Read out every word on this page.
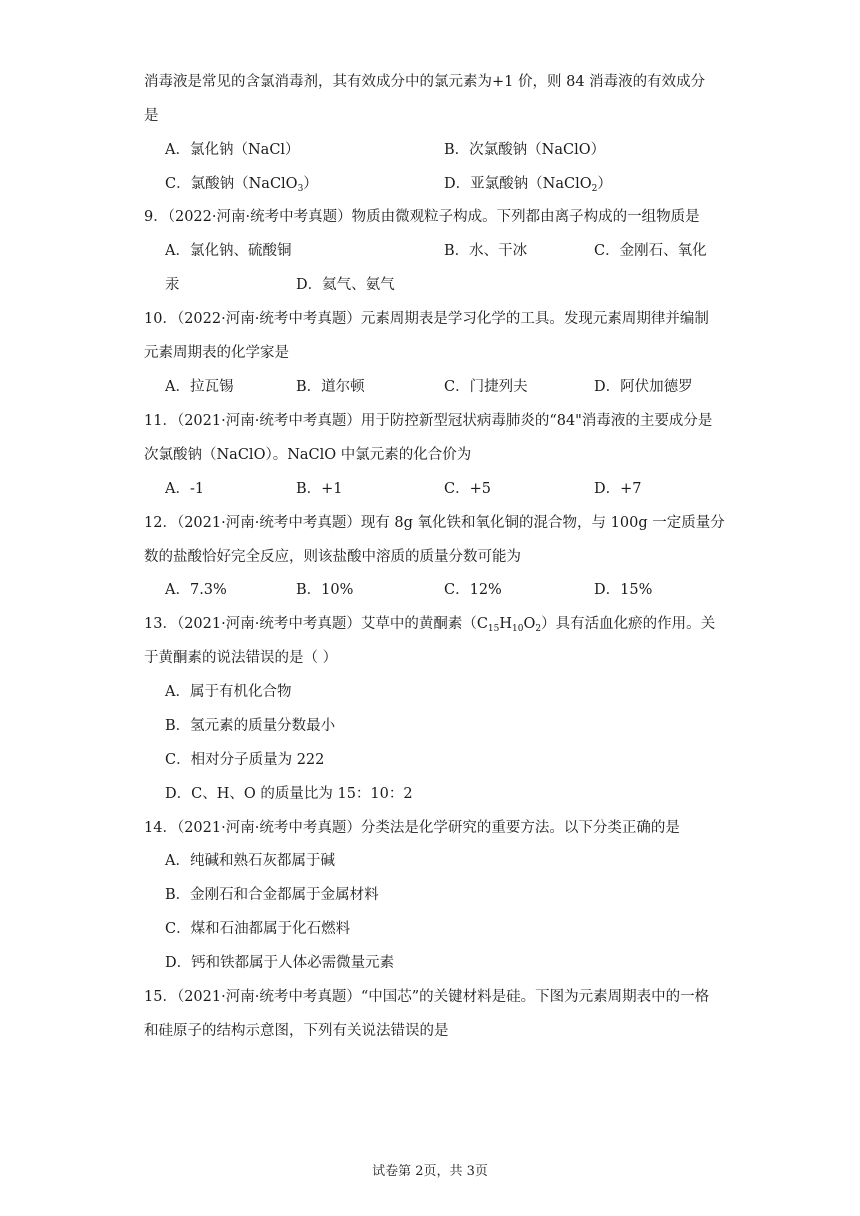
消毒液是常见的含氯消毒剂，其有效成分中的氯元素为+1 价，则 84 消毒液的有效成分
是
A．氯化钠（NaCl）	B．次氯酸钠（NaClO）
C．氯酸钠（NaClO$_3$）	D．亚氯酸钠（NaClO$_2$）
9．（2022·河南·统考中考真题）物质由微观粒子构成。下列都由离子构成的一组物质是
A．氯化钠、硫酸铜	B．水、干冰	C．金刚石、氧化
汞	D．氦气、氨气
10．（2022·河南·统考中考真题）元素周期表是学习化学的工具。发现元素周期律并编制
元素周期表的化学家是
A．拉瓦锡	B．道尔顿	C．门捷列夫	D．阿伏加德罗
11．（2021·河南·统考中考真题）用于防控新型冠状病毒肺炎的“84"消毒液的主要成分是
次氯酸钠（NaClO）。NaClO 中氯元素的化合价为
A．-1	B．+1	C．+5	D．+7
12．（2021·河南·统考中考真题）现有 8g 氧化铁和氧化铜的混合物，与 100g 一定质量分
数的盐酸恰好完全反应，则该盐酸中溶质的质量分数可能为
A．7.3%	B．10%	C．12%	D．15%
13．（2021·河南·统考中考真题）艾草中的黄酮素$(C_{15}H_{10}O_2)$具有活血化瘀的作用。关
于黄酮素的说法错误的是（ ）
A．属于有机化合物
B．氢元素的质量分数最小
C．相对分子质量为 222
D．C、H、O 的质量比为 15：10：2
14．（2021·河南·统考中考真题）分类法是化学研究的重要方法。以下分类正确的是
A．纯碱和熟石灰都属于碱
B．金刚石和合金都属于金属材料
C．煤和石油都属于化石燃料
D．钙和铁都属于人体必需微量元素
15．（2021·河南·统考中考真题）“中国芯”的关键材料是硅。下图为元素周期表中的一格
和硅原子的结构示意图，下列有关说法错误的是
试卷第 2页，共 3页
